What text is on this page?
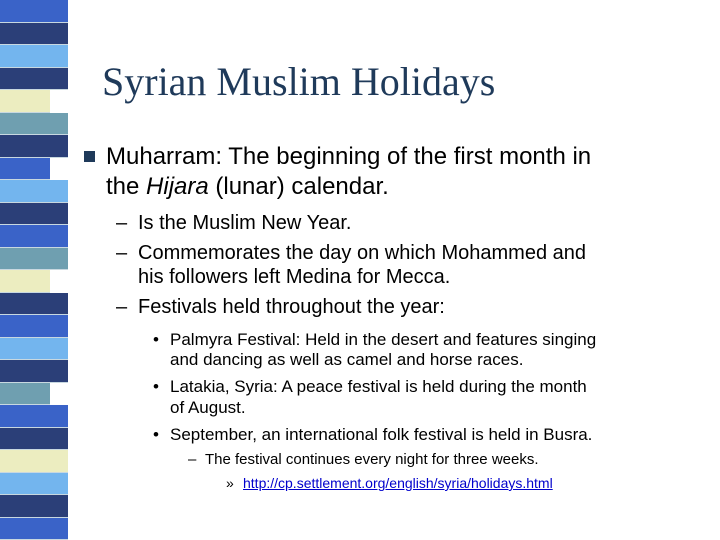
Syrian Muslim Holidays
Muharram: The beginning of the first month in
the Hijara (lunar) calendar.
– Is the Muslim New Year.
– Commemorates the day on which Mohammed and
his followers left Medina for Mecca.
– Festivals held throughout the year:
• Palmyra Festival: Held in the desert and features singing
and dancing as well as camel and horse races.
• Latakia, Syria: A peace festival is held during the month
of August.
• September, an international folk festival is held in Busra.
– The festival continues every night for three weeks.
» http://cp.settlement.org/english/syria/holidays.html
